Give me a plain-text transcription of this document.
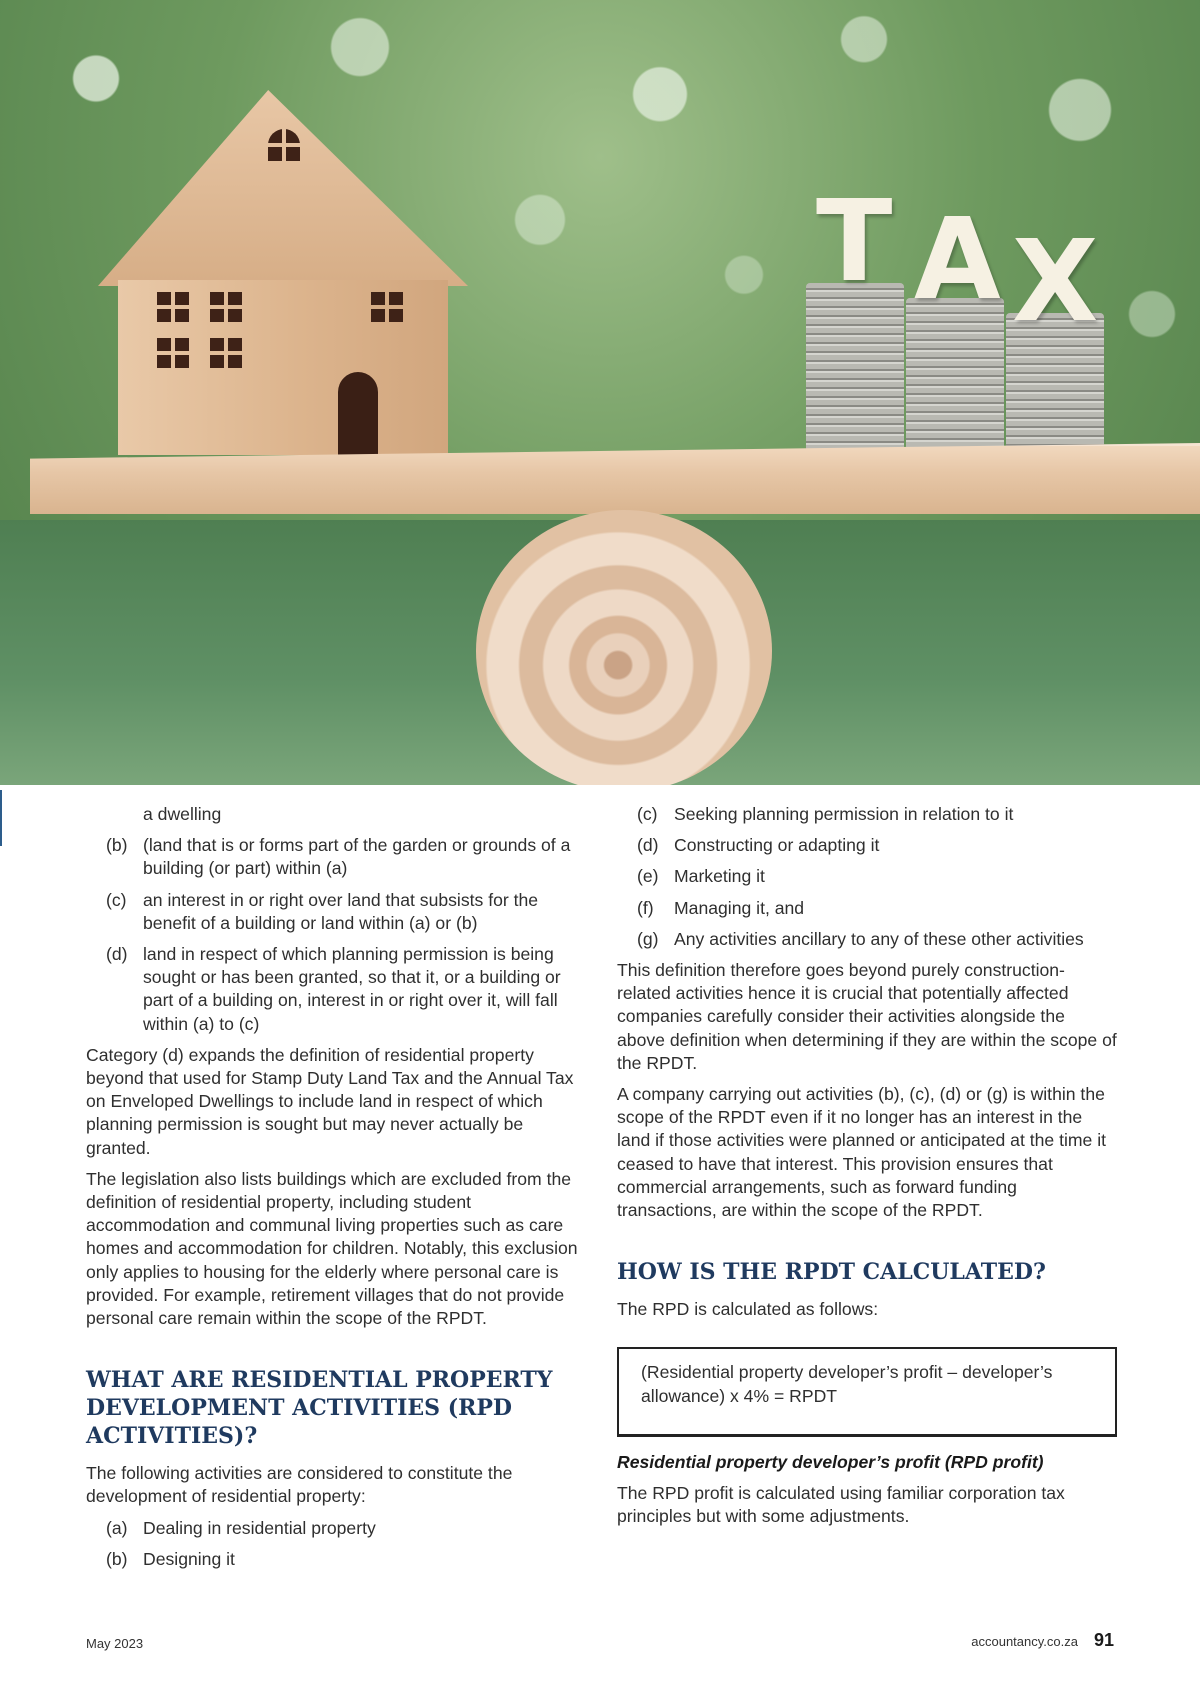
T A X
a dwelling
(b) (land that is or forms part of the garden or grounds of a building (or part) within (a)
(c) an interest in or right over land that subsists for the benefit of a building or land within (a) or (b)
(d) land in respect of which planning permission is being sought or has been granted, so that it, or a building or part of a building on, interest in or right over it, will fall within (a) to (c)

Category (d) expands the definition of residential property beyond that used for Stamp Duty Land Tax and the Annual Tax on Enveloped Dwellings to include land in respect of which planning permission is sought but may never actually be granted.

The legislation also lists buildings which are excluded from the definition of residential property, including student accommodation and communal living properties such as care homes and accommodation for children. Notably, this exclusion only applies to housing for the elderly where personal care is provided. For example, retirement villages that do not provide personal care remain within the scope of the RPDT.

WHAT ARE RESIDENTIAL PROPERTY DEVELOPMENT ACTIVITIES (RPD ACTIVITIES)?

The following activities are considered to constitute the development of residential property:

(a) Dealing in residential property
(b) Designing it
(c) Seeking planning permission in relation to it
(d) Constructing or adapting it
(e) Marketing it
(f)	Managing it, and
(g) Any activities ancillary to any of these other activities

This definition therefore goes beyond purely construction-related activities hence it is crucial that potentially affected companies carefully consider their activities alongside the above definition when determining if they are within the scope of the RPDT.

A company carrying out activities (b), (c), (d) or (g) is within the scope of the RPDT even if it no longer has an interest in the land if those activities were planned or anticipated at the time it ceased to have that interest. This provision ensures that commercial arrangements, such as forward funding transactions, are within the scope of the RPDT.

HOW IS THE RPDT CALCULATED?

The RPD is calculated as follows:

(Residential property developer’s profit – developer’s allowance) x 4% = RPDT

Residential property developer’s profit (RPD profit)

The RPD profit is calculated using familiar corporation tax principles but with some adjustments.

May 2023	accountancy.co.za 91
